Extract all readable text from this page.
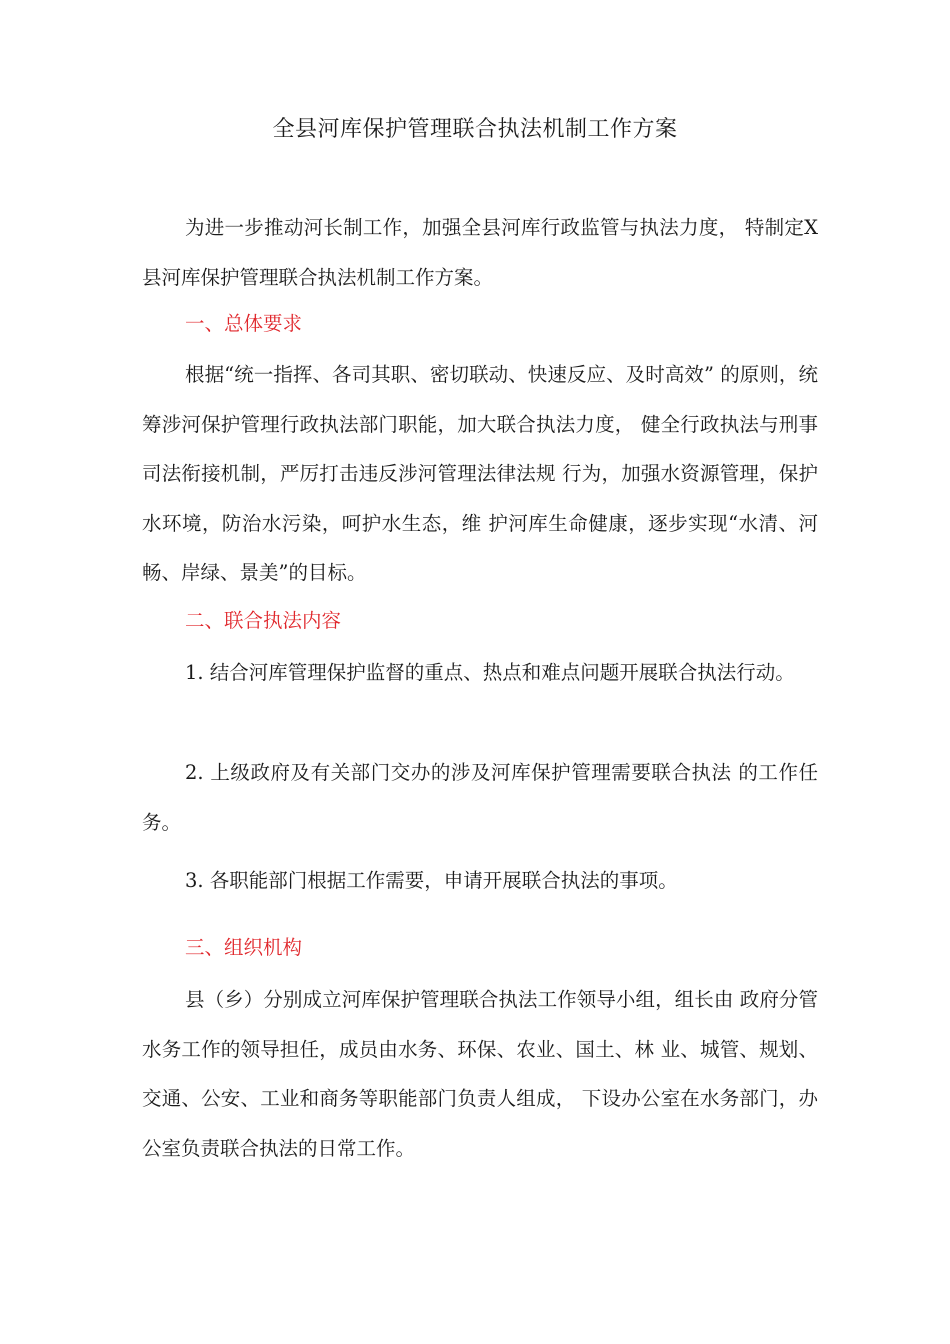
全县河库保护管理联合执法机制工作方案

为进一步推动河长制工作，加强全县河库行政监管与执法力度， 特制定X县河库保护管理联合执法机制工作方案。

一、总体要求

根据“统一指挥、各司其职、密切联动、快速反应、及时高效” 的原则，统筹涉河保护管理行政执法部门职能，加大联合执法力度， 健全行政执法与刑事司法衔接机制，严厉打击违反涉河管理法律法规 行为，加强水资源管理，保护水环境，防治水污染，呵护水生态，维 护河库生命健康，逐步实现“水清、河畅、岸绿、景美”的目标。

二、联合执法内容

1. 结合河库管理保护监督的重点、热点和难点问题开展联合执法行动。

2. 上级政府及有关部门交办的涉及河库保护管理需要联合执法 的工作任务。

3. 各职能部门根据工作需要，申请开展联合执法的事项。

三、组织机构

县（乡）分别成立河库保护管理联合执法工作领导小组，组长由 政府分管水务工作的领导担任，成员由水务、环保、农业、国土、林 业、城管、规划、交通、公安、工业和商务等职能部门负责人组成， 下设办公室在水务部门，办公室负责联合执法的日常工作。
